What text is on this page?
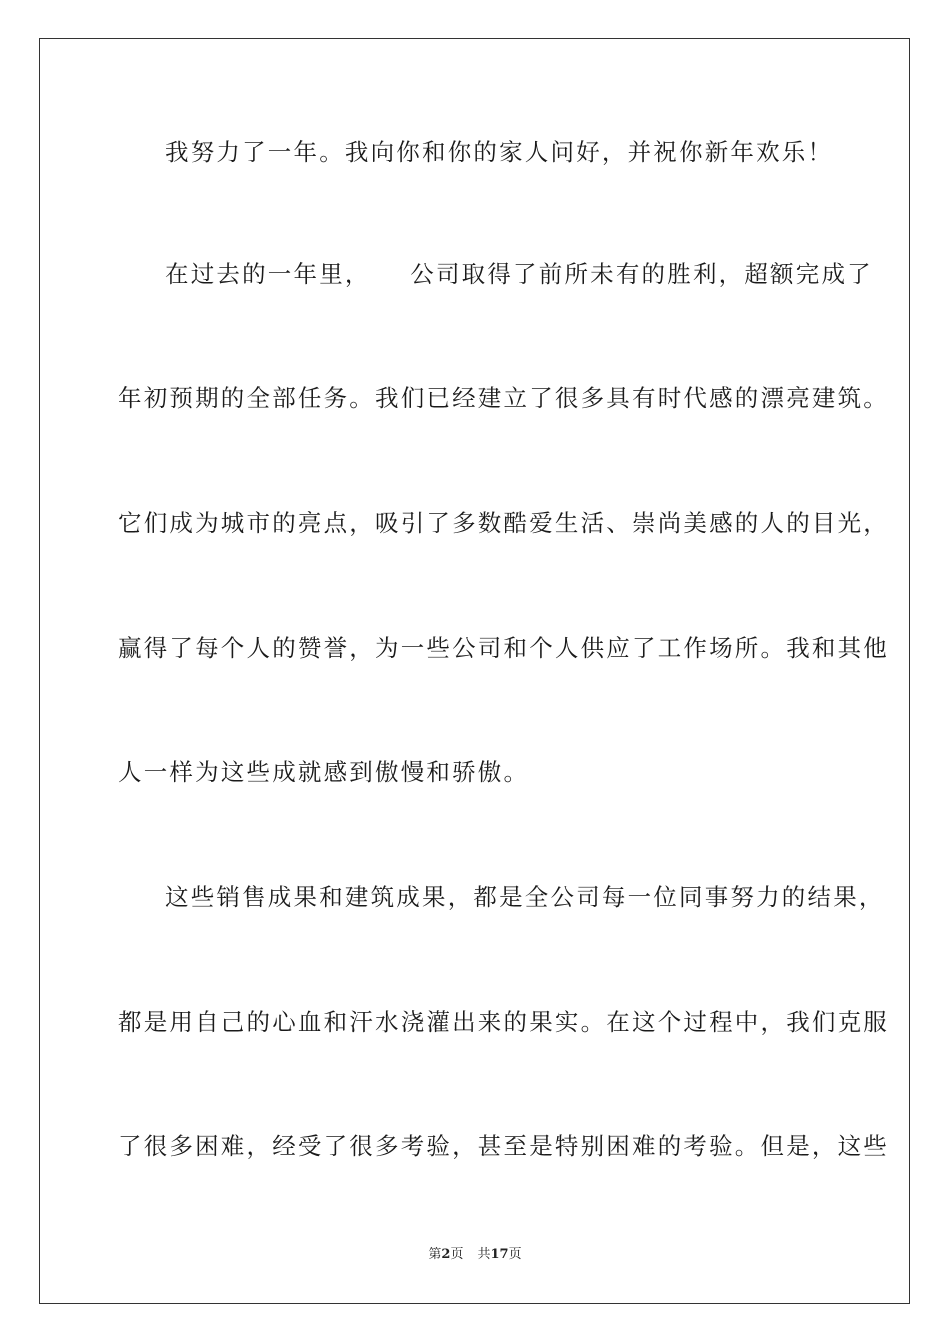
我努力了一年。我向你和你的家人问好，并祝你新年欢乐！
在过去的一年里，　　公司取得了前所未有的胜利，超额完成了
年初预期的全部任务。我们已经建立了很多具有时代感的漂亮建筑。
它们成为城市的亮点，吸引了多数酷爱生活、崇尚美感的人的目光，
赢得了每个人的赞誉，为一些公司和个人供应了工作场所。我和其他
人一样为这些成就感到傲慢和骄傲。
这些销售成果和建筑成果，都是全公司每一位同事努力的结果，
都是用自己的心血和汗水浇灌出来的果实。在这个过程中，我们克服
了很多困难，经受了很多考验，甚至是特别困难的考验。但是，这些
第2页 共17页
